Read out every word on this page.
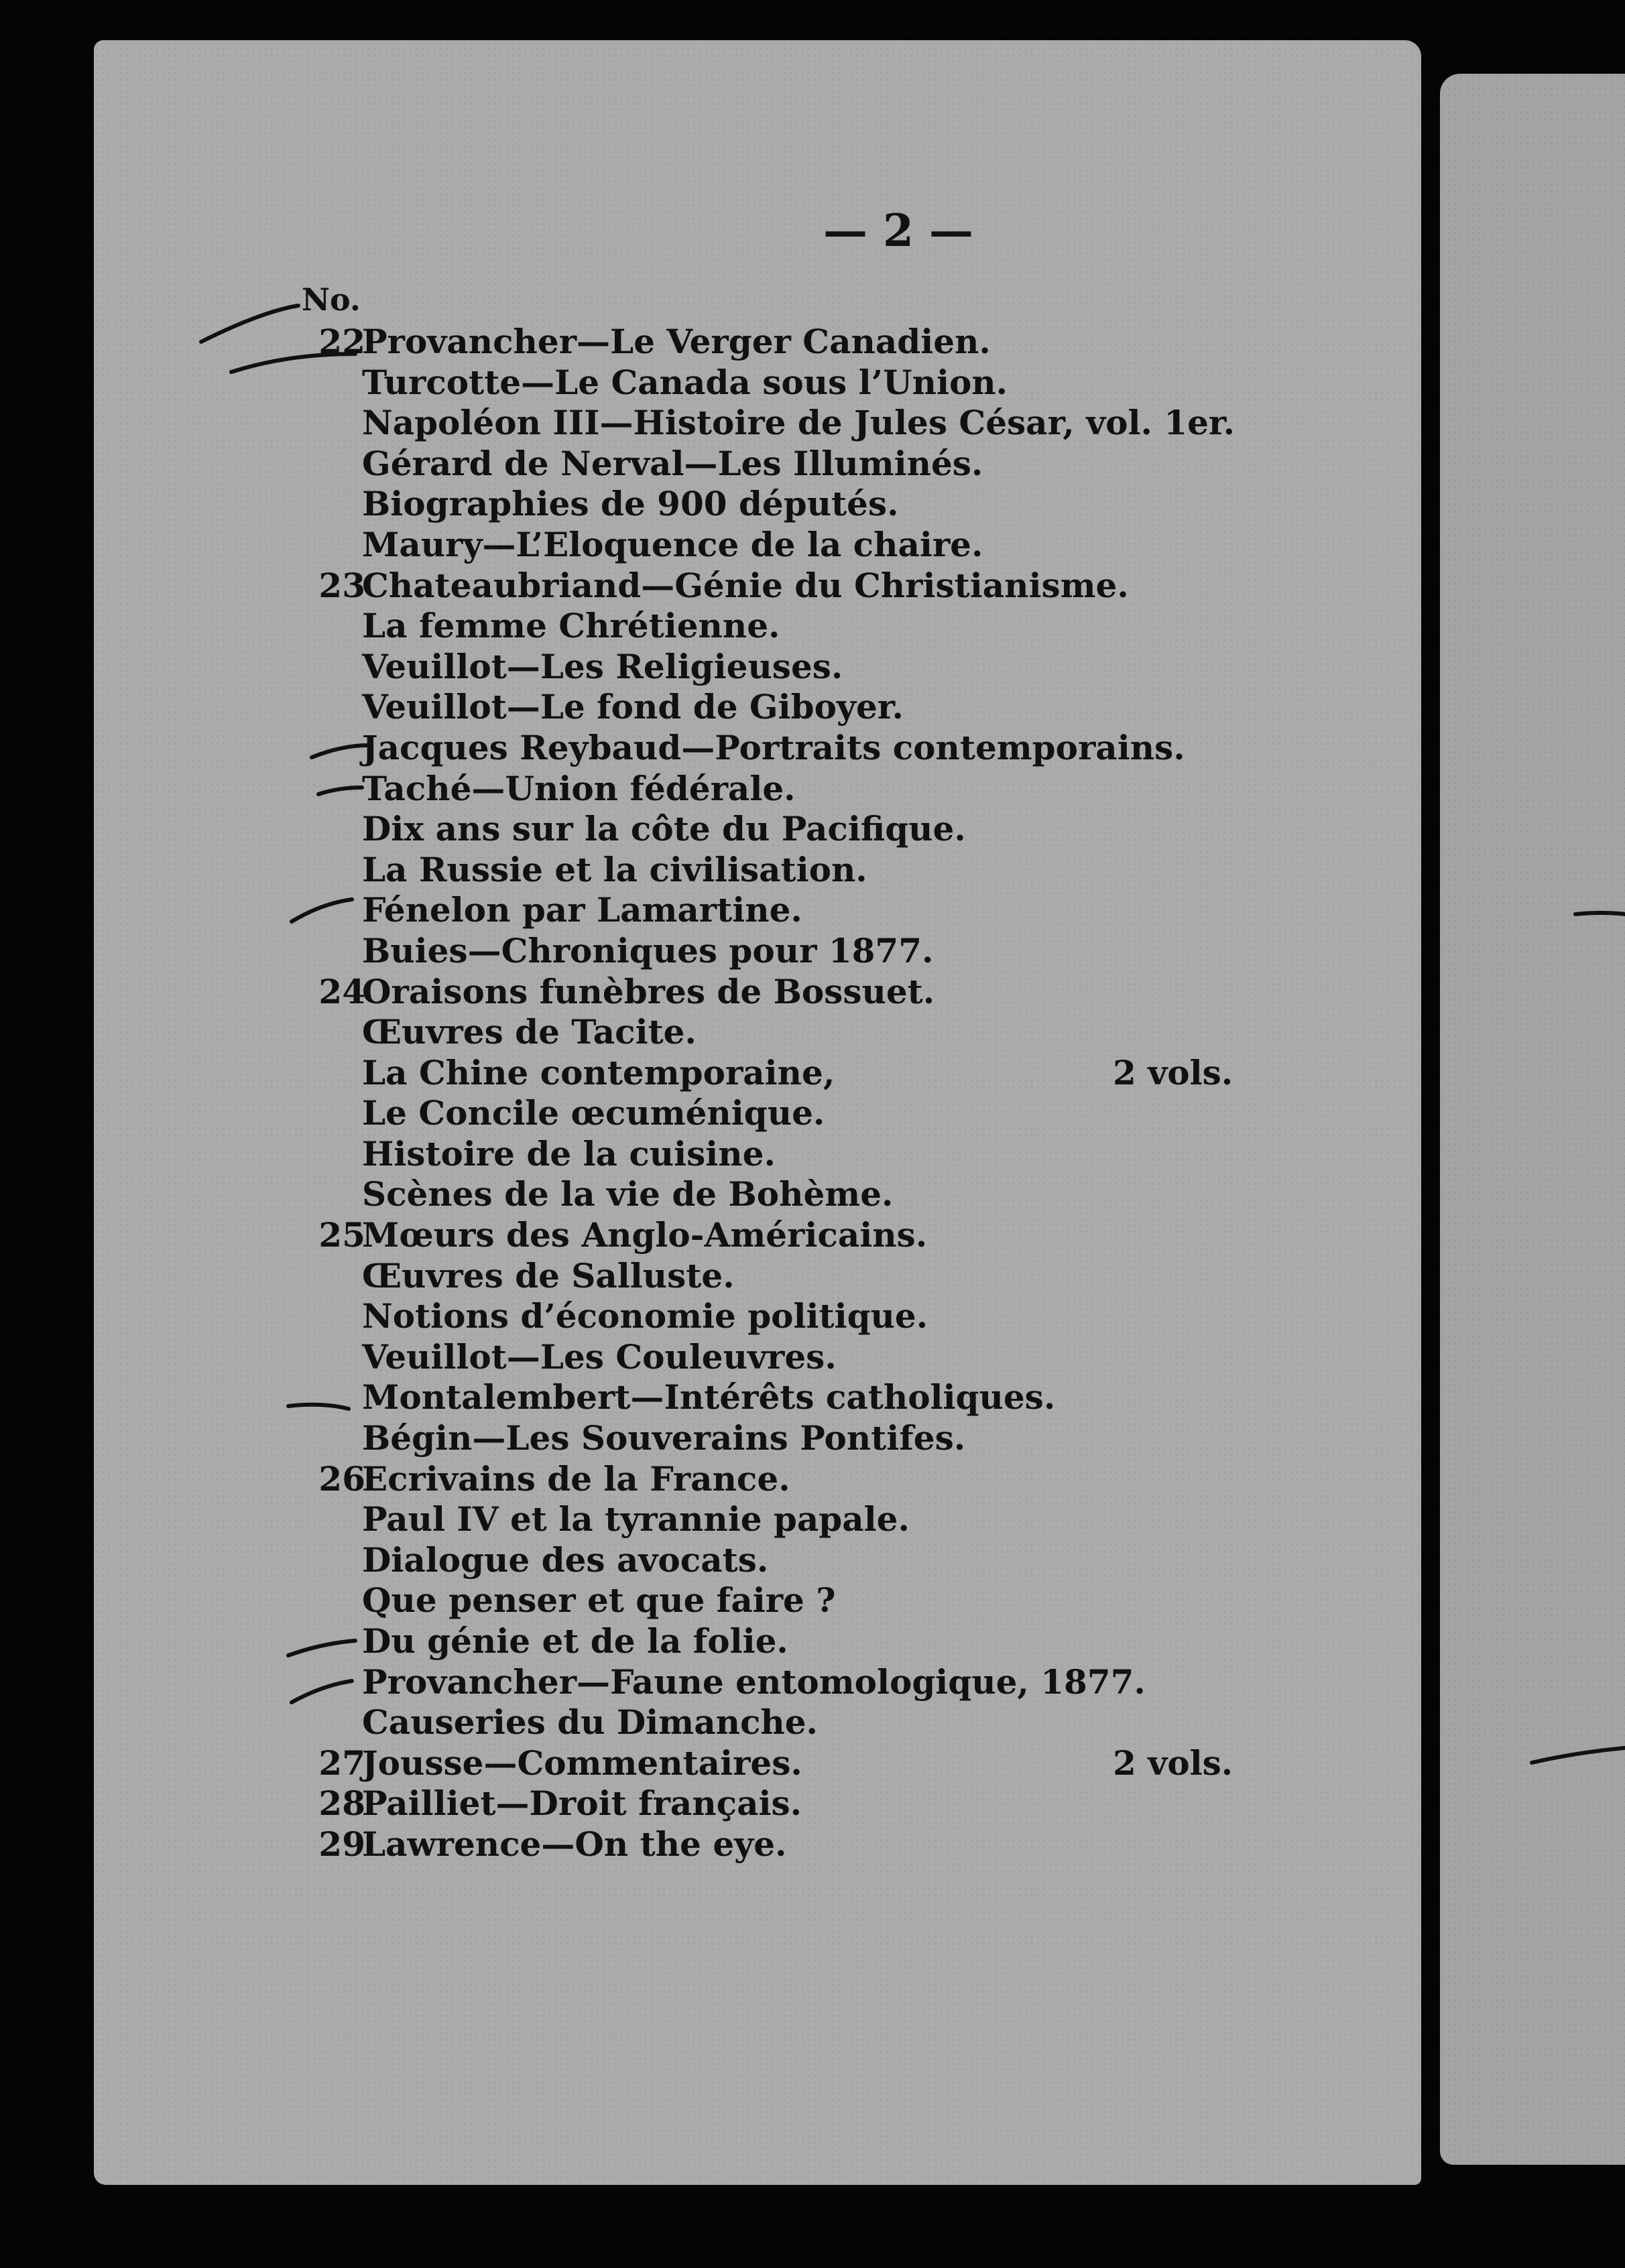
— 2 —
No.
22
Provancher—Le Verger Canadien.
Turcotte—Le Canada sous l’Union.
Napoléon III—Histoire de Jules César, vol. 1er.
Gérard de Nerval—Les Illuminés.
Biographies de 900 députés.
Maury—L’Eloquence de la chaire.
23
Chateaubriand—Génie du Christianisme.
La femme Chrétienne.
Veuillot—Les Religieuses.
Veuillot—Le fond de Giboyer.
Jacques Reybaud—Portraits contemporains.
Taché—Union fédérale.
Dix ans sur la côte du Pacifique.
La Russie et la civilisation.
Fénelon par Lamartine.
Buies—Chroniques pour 1877.
24
Oraisons funèbres de Bossuet.
Œuvres de Tacite.
La Chine contemporaine,	2 vols.
Le Concile œcuménique.
Histoire de la cuisine.
Scènes de la vie de Bohème.
25
Mœurs des Anglo-Américains.
Œuvres de Salluste.
Notions d’économie politique.
Veuillot—Les Couleuvres.
Montalembert—Intérêts catholiques.
Bégin—Les Souverains Pontifes.
26
Ecrivains de la France.
Paul IV et la tyrannie papale.
Dialogue des avocats.
Que penser et que faire ?
Du génie et de la folie.
Provancher—Faune entomologique, 1877.
Causeries du Dimanche.
27
Jousse—Commentaires.	2 vols.
28
Pailliet—Droit français.
29
Lawrence—On the eye.
